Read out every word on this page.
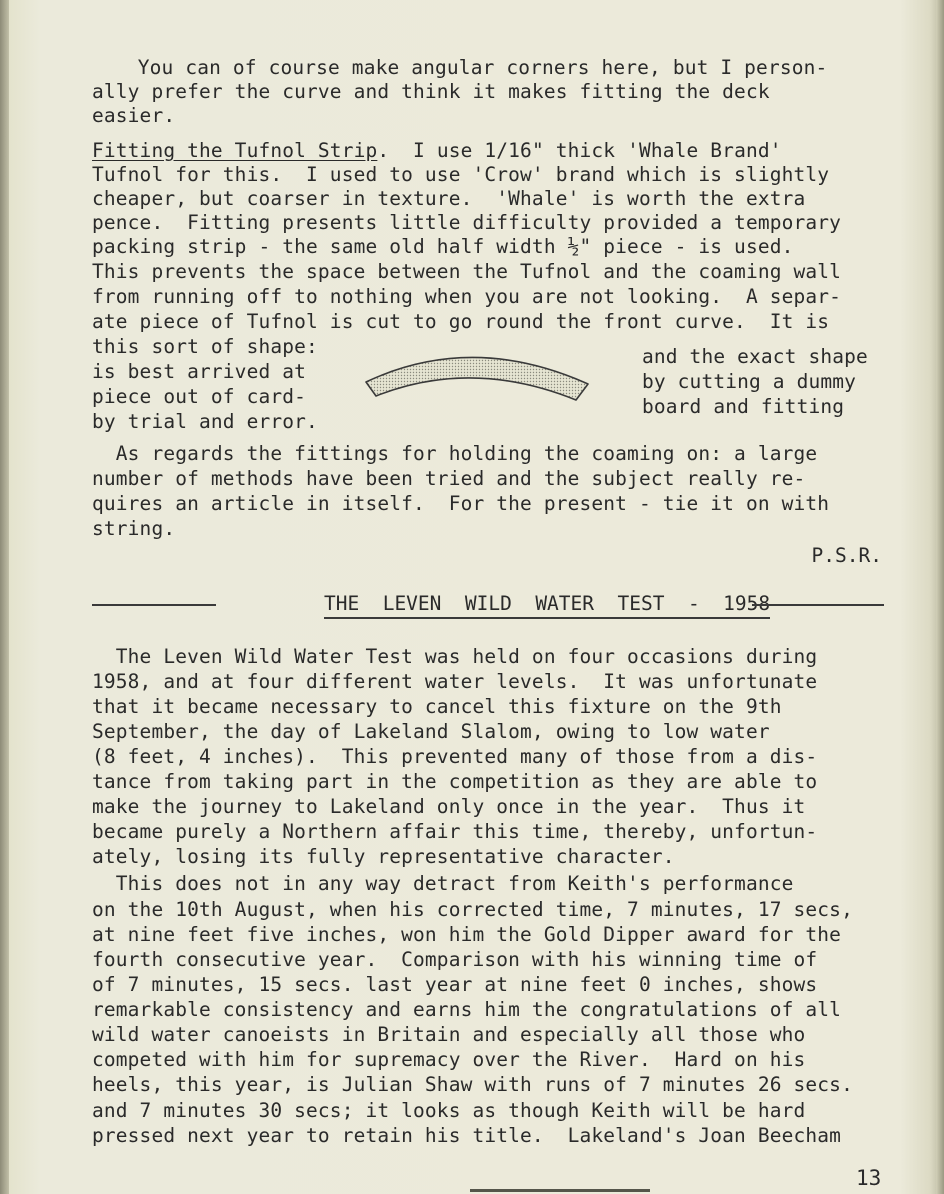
You can of course make angular corners here, but I person-
ally prefer the curve and think it makes fitting the deck
easier.
Fitting the Tufnol Strip.  I use 1/16" thick 'Whale Brand'
Tufnol for this.  I used to use 'Crow' brand which is slightly
cheaper, but coarser in texture.  'Whale' is worth the extra
pence.  Fitting presents little difficulty provided a temporary
packing strip - the same old half width ½" piece - is used.
This prevents the space between the Tufnol and the coaming wall
from running off to nothing when you are not looking.  A separ-
ate piece of Tufnol is cut to go round the front curve.  It is
this sort of shape:
is best arrived at
piece out of card-
by trial and error.
and the exact shape
by cutting a dummy
board and fitting
As regards the fittings for holding the coaming on: a large
number of methods have been tried and the subject really re-
quires an article in itself.  For the present - tie it on with
string.
P.S.R.
THE  LEVEN  WILD  WATER  TEST  -  1958
The Leven Wild Water Test was held on four occasions during
1958, and at four different water levels.  It was unfortunate
that it became necessary to cancel this fixture on the 9th
September, the day of Lakeland Slalom, owing to low water
(8 feet, 4 inches).  This prevented many of those from a dis-
tance from taking part in the competition as they are able to
make the journey to Lakeland only once in the year.  Thus it
became purely a Northern affair this time, thereby, unfortun-
ately, losing its fully representative character.
This does not in any way detract from Keith's performance
on the 10th August, when his corrected time, 7 minutes, 17 secs,
at nine feet five inches, won him the Gold Dipper award for the
fourth consecutive year.  Comparison with his winning time of
of 7 minutes, 15 secs. last year at nine feet 0 inches, shows
remarkable consistency and earns him the congratulations of all
wild water canoeists in Britain and especially all those who
competed with him for supremacy over the River.  Hard on his
heels, this year, is Julian Shaw with runs of 7 minutes 26 secs.
and 7 minutes 30 secs; it looks as though Keith will be hard
pressed next year to retain his title.  Lakeland's Joan Beecham
13
